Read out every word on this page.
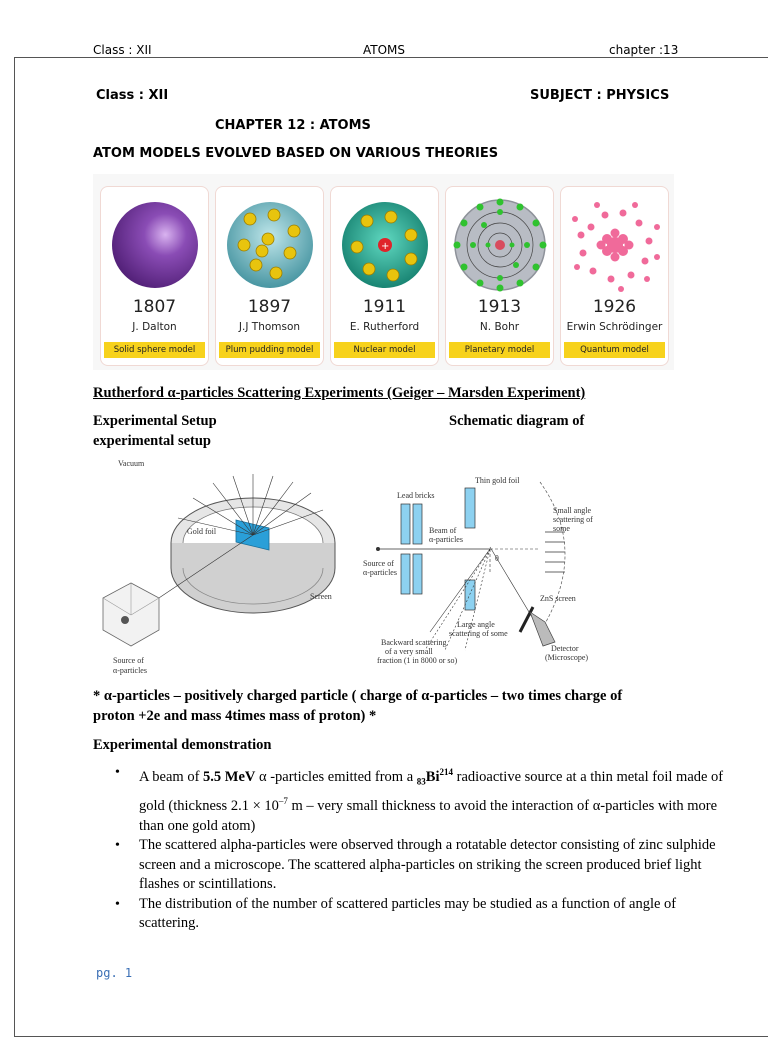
Class : XII	ATOMS	chapter :13
Class : XII	SUBJECT : PHYSICS
CHAPTER 12 : ATOMS
ATOM MODELS EVOLVED BASED ON VARIOUS THEORIES
1807
J. Dalton
Solid sphere model
1897
J.J Thomson
Plum pudding model
+
1911
E. Rutherford
Nuclear model
1913
N. Bohr
Planetary model
1926
Erwin Schrödinger
Quantum model
Rutherford α-particles Scattering Experiments (Geiger – Marsden Experiment)
Experimental Setup	Schematic diagram of
experimental setup
Vacuum
Gold foil
Screen
Source of
α-particles
Thin gold foil
Lead bricks
Beam of
α-particles
Source of
α-particles
θ
Small angle
scattering of some
ZnS screen
Large angle
scattering of some
Backward scattering
of a very small
fraction (1 in 8000 or so)
Detector
(Microscope)
* α-particles – positively charged particle ( charge of α-particles – two times charge of
proton +2e and mass 4times mass of proton) *
Experimental demonstration
• A beam of 5.5 MeV α -particles emitted from a $_{83}Bi^{214}$ radioactive source at a thin metal foil made of gold (thickness $2.1 \times 10^{-7}$ m – very small thickness to avoid the interaction of α-particles with more than one gold atom)
• The scattered alpha-particles were observed through a rotatable detector consisting of zinc sulphide screen and a microscope. The scattered alpha-particles on striking the screen produced brief light flashes or scintillations.
• The distribution of the number of scattered particles may be studied as a function of angle of scattering.
pg. 1
